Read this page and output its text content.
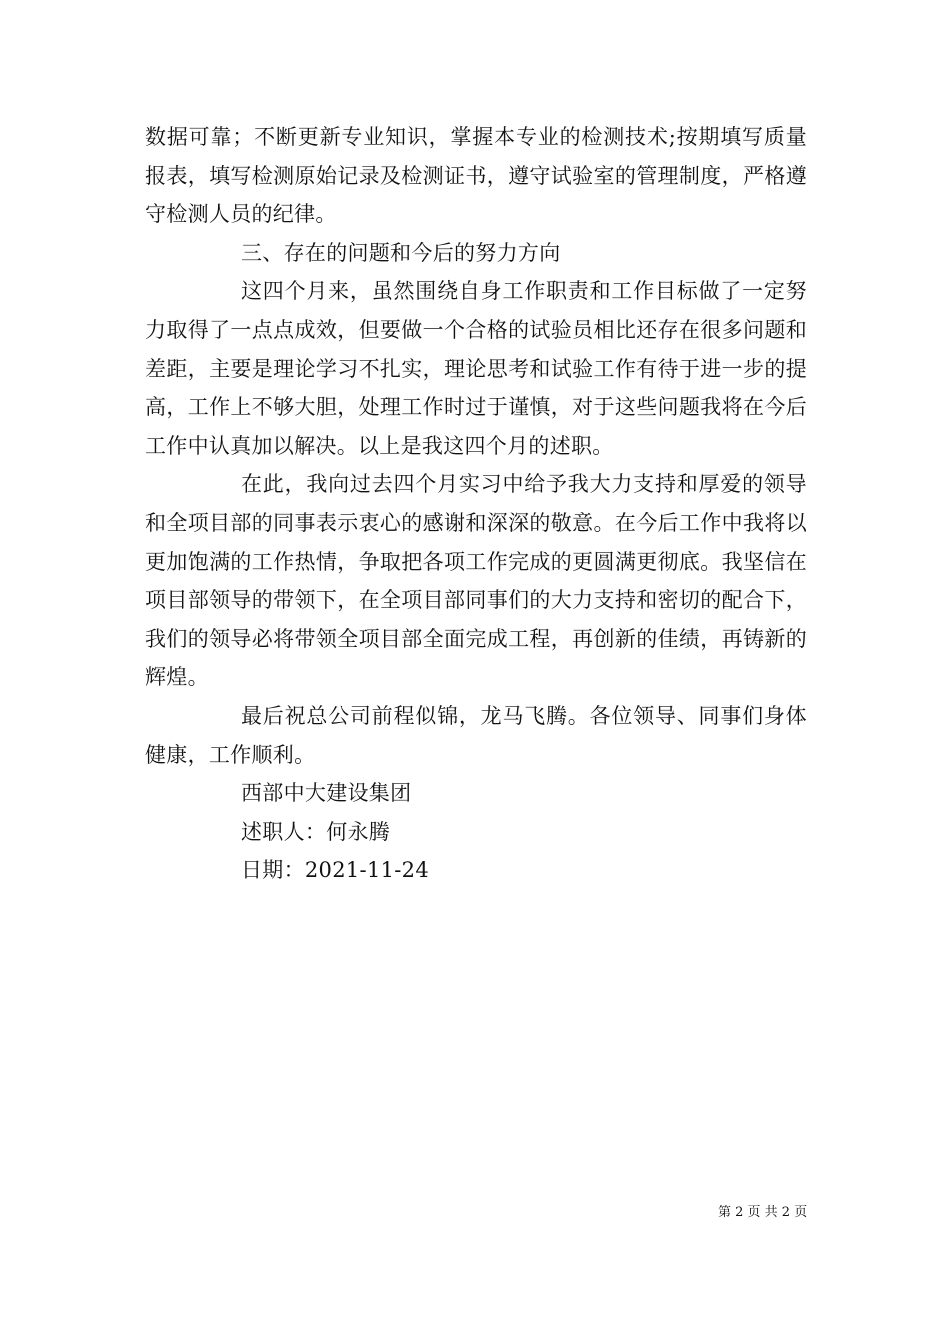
数据可靠；不断更新专业知识，掌握本专业的检测技术;按期填写质量报表，填写检测原始记录及检测证书，遵守试验室的管理制度，严格遵守检测人员的纪律。

三、存在的问题和今后的努力方向

这四个月来，虽然围绕自身工作职责和工作目标做了一定努力取得了一点点成效，但要做一个合格的试验员相比还存在很多问题和差距，主要是理论学习不扎实，理论思考和试验工作有待于进一步的提高，工作上不够大胆，处理工作时过于谨慎，对于这些问题我将在今后工作中认真加以解决。以上是我这四个月的述职。

在此，我向过去四个月实习中给予我大力支持和厚爱的领导和全项目部的同事表示衷心的感谢和深深的敬意。在今后工作中我将以更加饱满的工作热情，争取把各项工作完成的更圆满更彻底。我坚信在项目部领导的带领下，在全项目部同事们的大力支持和密切的配合下，我们的领导必将带领全项目部全面完成工程，再创新的佳绩，再铸新的辉煌。

最后祝总公司前程似锦，龙马飞腾。各位领导、同事们身体健康，工作顺利。

西部中大建设集团

述职人：何永腾

日期：2021-11-24

第 2 页 共 2 页
